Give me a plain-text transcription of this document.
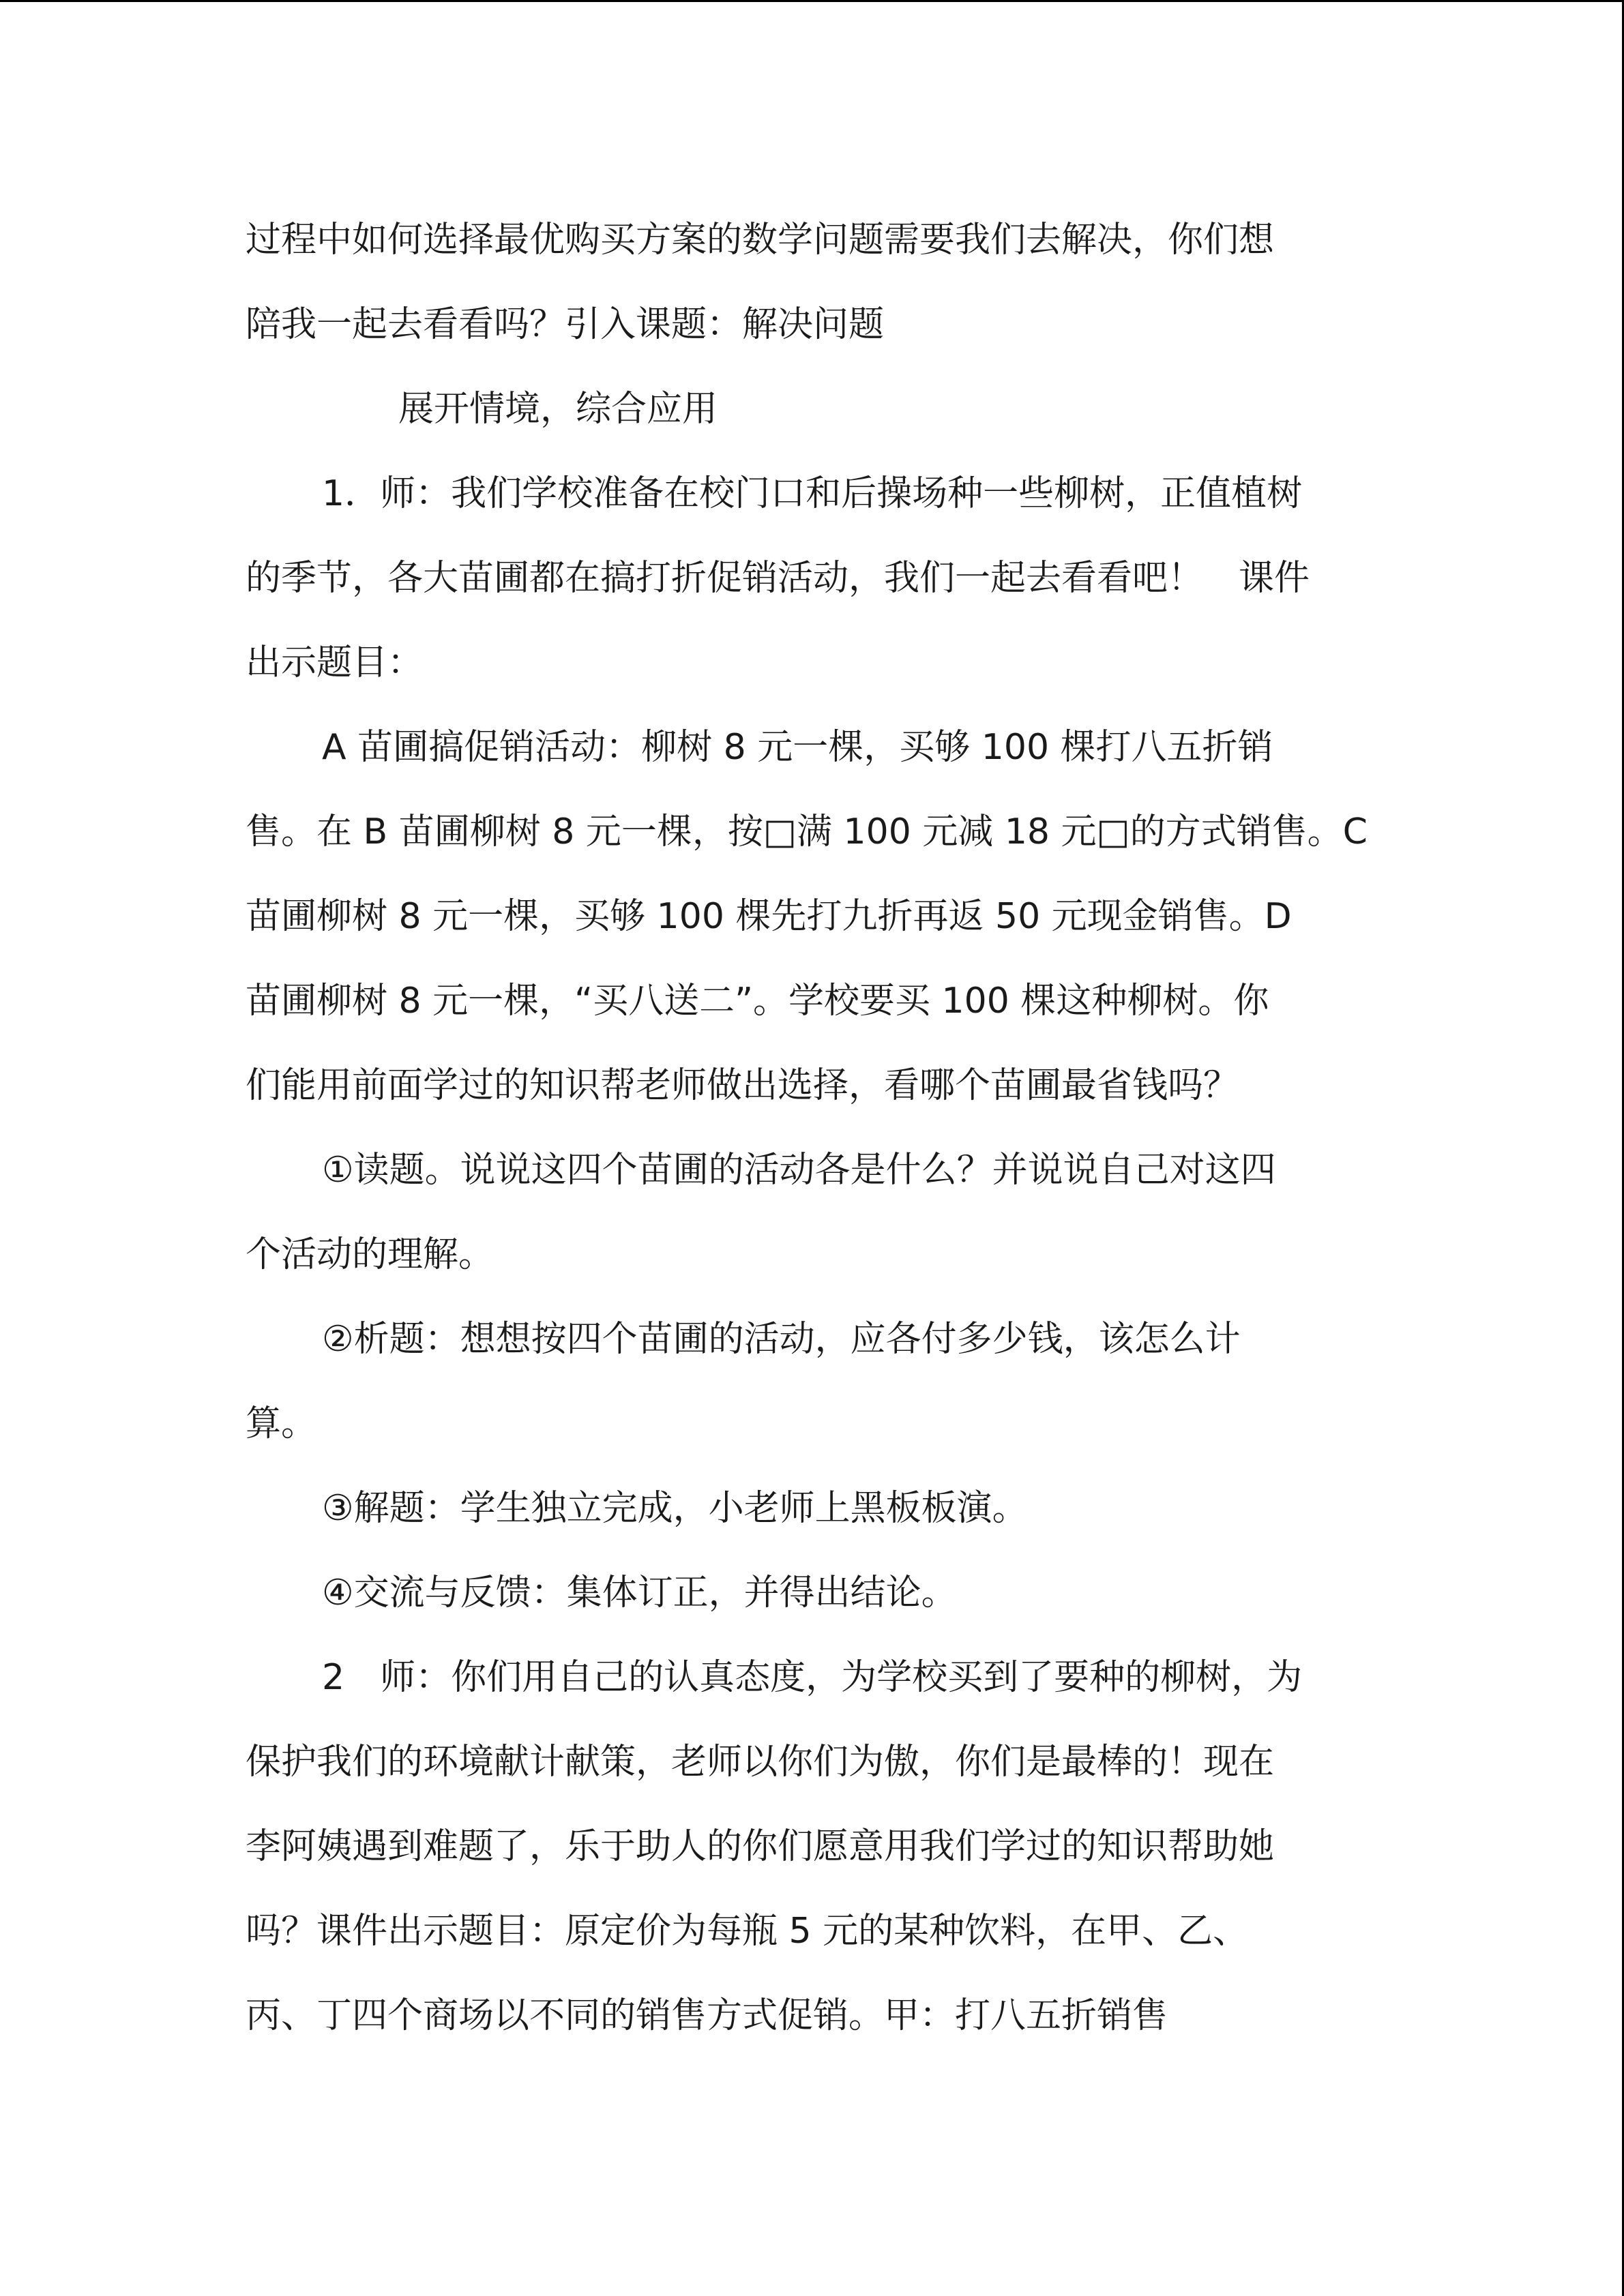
过程中如何选择最优购买方案的数学问题需要我们去解决，你们想
陪我一起去看看吗？引入课题：解决问题

展开情境，综合应用

1．师：我们学校准备在校门口和后操场种一些柳树，正值植树
的季节，各大苗圃都在搞打折促销活动，我们一起去看看吧！　课件
出示题目：

A 苗圃搞促销活动：柳树 8 元一棵，买够 100 棵打八五折销
售。在 B 苗圃柳树 8 元一棵，按□满 100 元减 18 元□的方式销售。C
苗圃柳树 8 元一棵，买够 100 棵先打九折再返 50 元现金销售。D
苗圃柳树 8 元一棵，“买八送二”。学校要买 100 棵这种柳树。你
们能用前面学过的知识帮老师做出选择，看哪个苗圃最省钱吗？

①读题。说说这四个苗圃的活动各是什么？并说说自己对这四
个活动的理解。

②析题：想想按四个苗圃的活动，应各付多少钱，该怎么计
算。

③解题：学生独立完成，小老师上黑板板演。

④交流与反馈：集体订正，并得出结论。

2　师：你们用自己的认真态度，为学校买到了要种的柳树，为
保护我们的环境献计献策，老师以你们为傲，你们是最棒的！现在
李阿姨遇到难题了，乐于助人的你们愿意用我们学过的知识帮助她
吗？课件出示题目：原定价为每瓶 5 元的某种饮料，在甲、乙、
丙、丁四个商场以不同的销售方式促销。甲：打八五折销售
